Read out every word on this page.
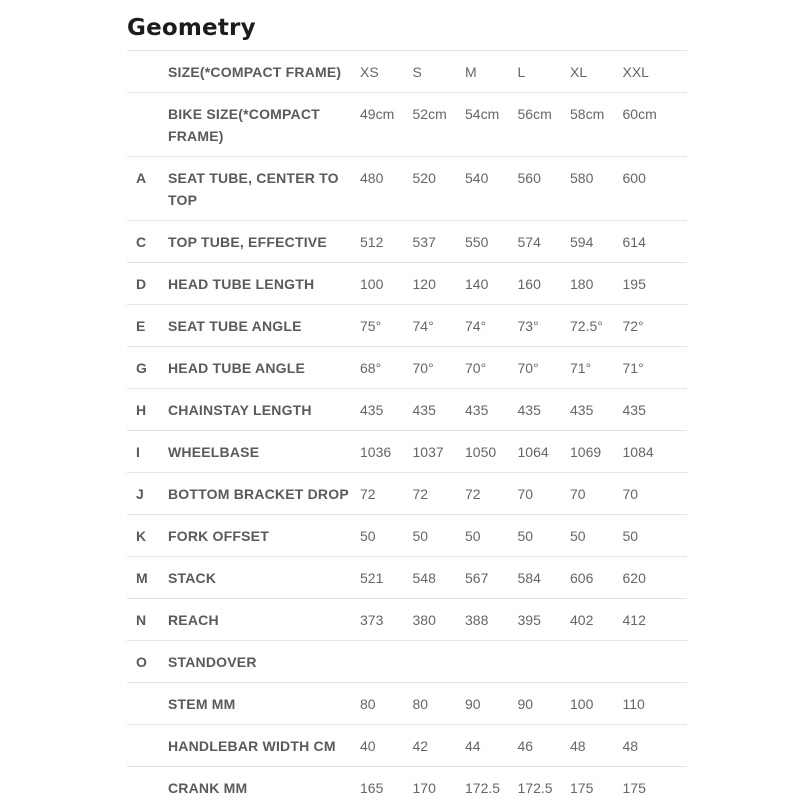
Geometry
	SIZE(*COMPACT FRAME)	XS	S	M	L	XL	XXL
	BIKE SIZE(*COMPACT FRAME)	49cm	52cm	54cm	56cm	58cm	60cm
A	SEAT TUBE, CENTER TO TOP	480	520	540	560	580	600
C	TOP TUBE, EFFECTIVE	512	537	550	574	594	614
D	HEAD TUBE LENGTH	100	120	140	160	180	195
E	SEAT TUBE ANGLE	75°	74°	74°	73°	72.5°	72°
G	HEAD TUBE ANGLE	68°	70°	70°	70°	71°	71°
H	CHAINSTAY LENGTH	435	435	435	435	435	435
I	WHEELBASE	1036	1037	1050	1064	1069	1084
J	BOTTOM BRACKET DROP	72	72	72	70	70	70
K	FORK OFFSET	50	50	50	50	50	50
M	STACK	521	548	567	584	606	620
N	REACH	373	380	388	395	402	412
O	STANDOVER						
	STEM MM	80	80	90	90	100	110
	HANDLEBAR WIDTH CM	40	42	44	46	48	48
	CRANK MM	165	170	172.5	172.5	175	175
